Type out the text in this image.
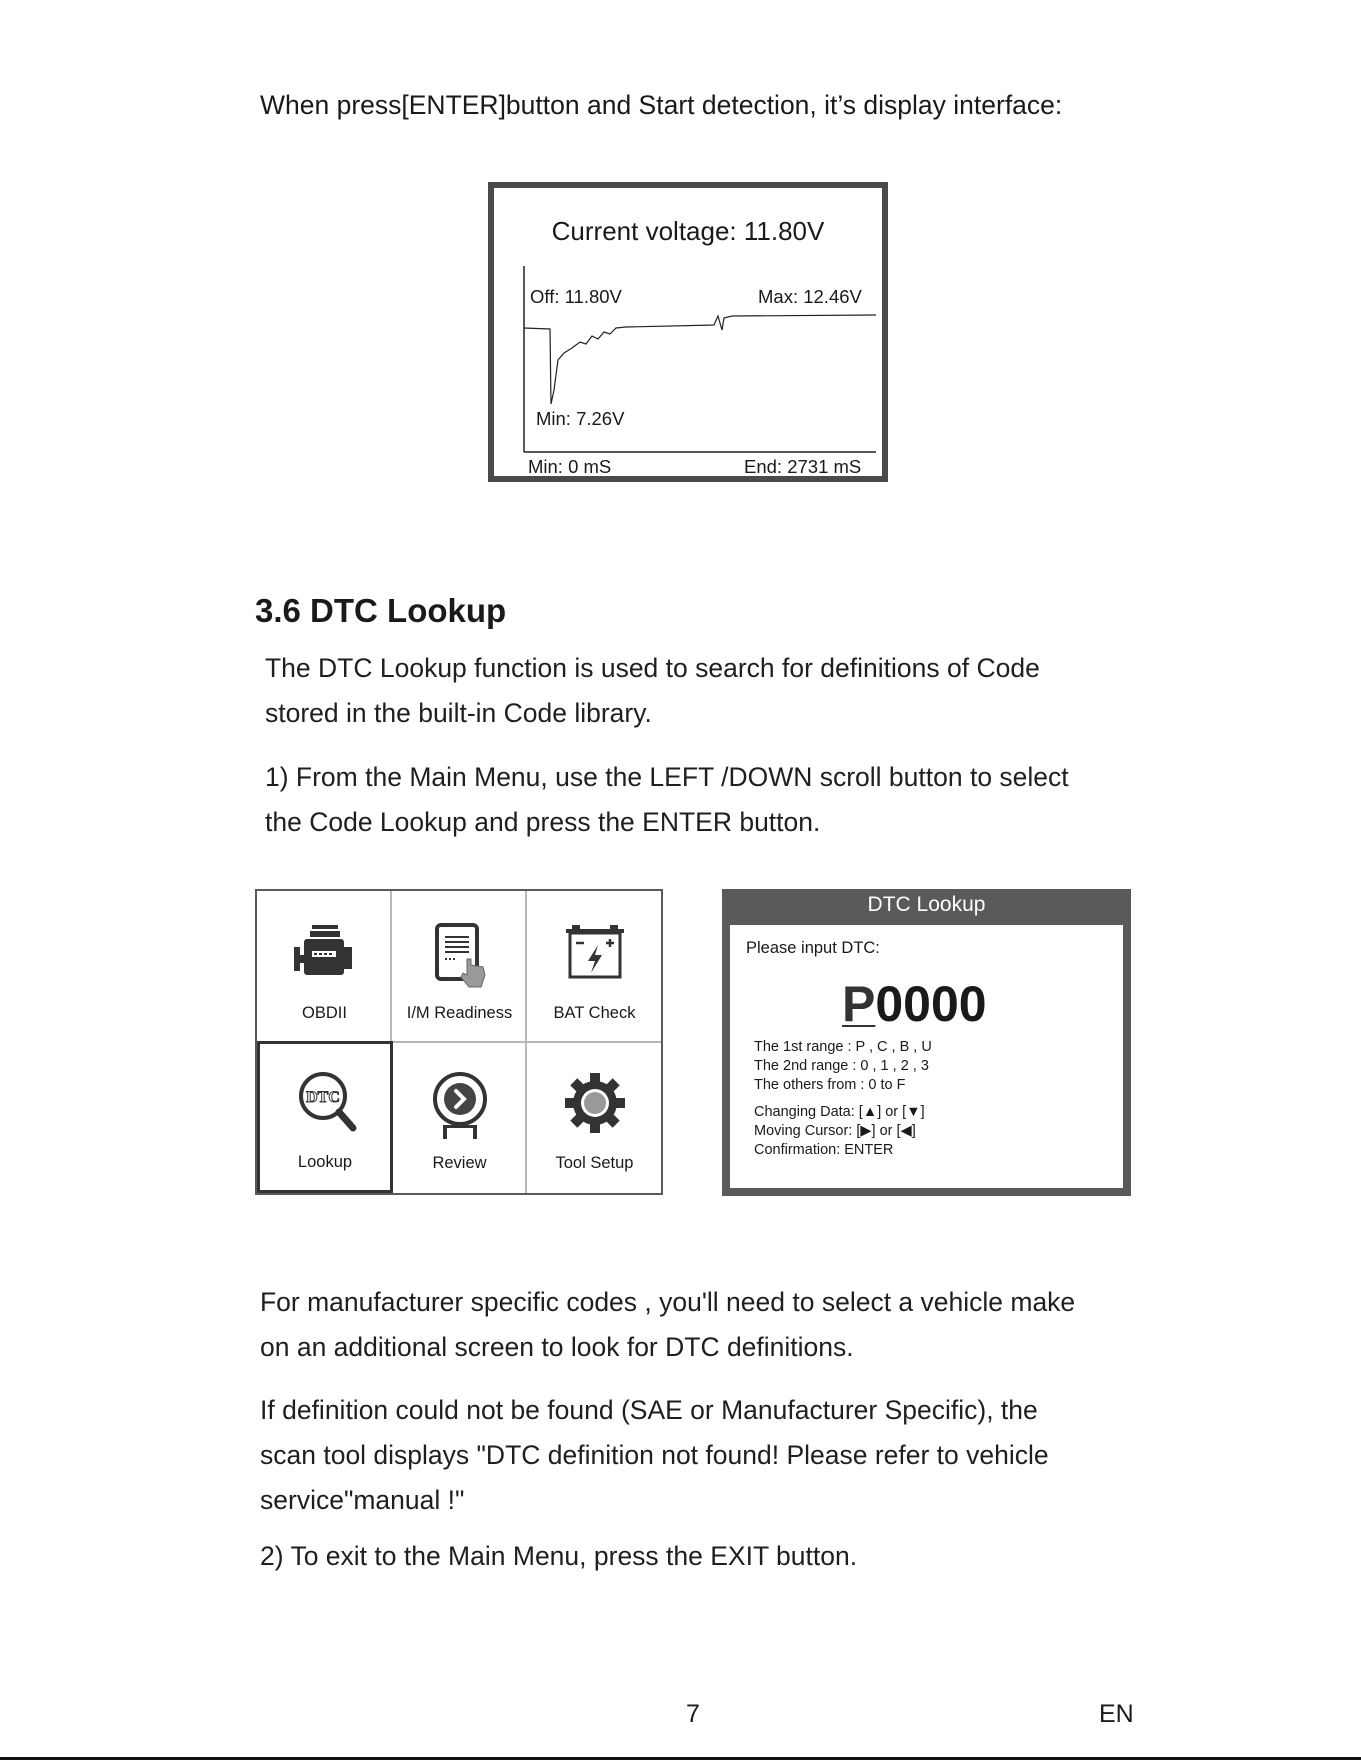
When press[ENTER]button and Start detection, it’s display interface:
Current voltage: 11.80V
Off: 11.80V	Max: 12.46V
Min: 7.26V
Min: 0 mS	End: 2731 mS
3.6 DTC Lookup
The DTC Lookup function is used to search for definitions of Code
stored in the built-in Code library.
1) From the Main Menu, use the LEFT /DOWN scroll button to select
the Code Lookup and press the ENTER button.
OBDII	I/M Readiness	BAT Check
DTC
Lookup	Review	Tool Setup
DTC Lookup
Please input DTC:
P0000
The 1st range : P , C , B , U
The 2nd range : 0 , 1 , 2 , 3
The others from : 0 to F
Changing Data: [▲] or [▼]
Moving Cursor: [▶] or [◀]
Confirmation: ENTER
For manufacturer specific codes , you'll need to select a vehicle make
on an additional screen to look for DTC definitions.
If definition could not be found (SAE or Manufacturer Specific), the
scan tool displays "DTC definition not found! Please refer to vehicle
service"manual !"
2) To exit to the Main Menu, press the EXIT button.
7	EN
